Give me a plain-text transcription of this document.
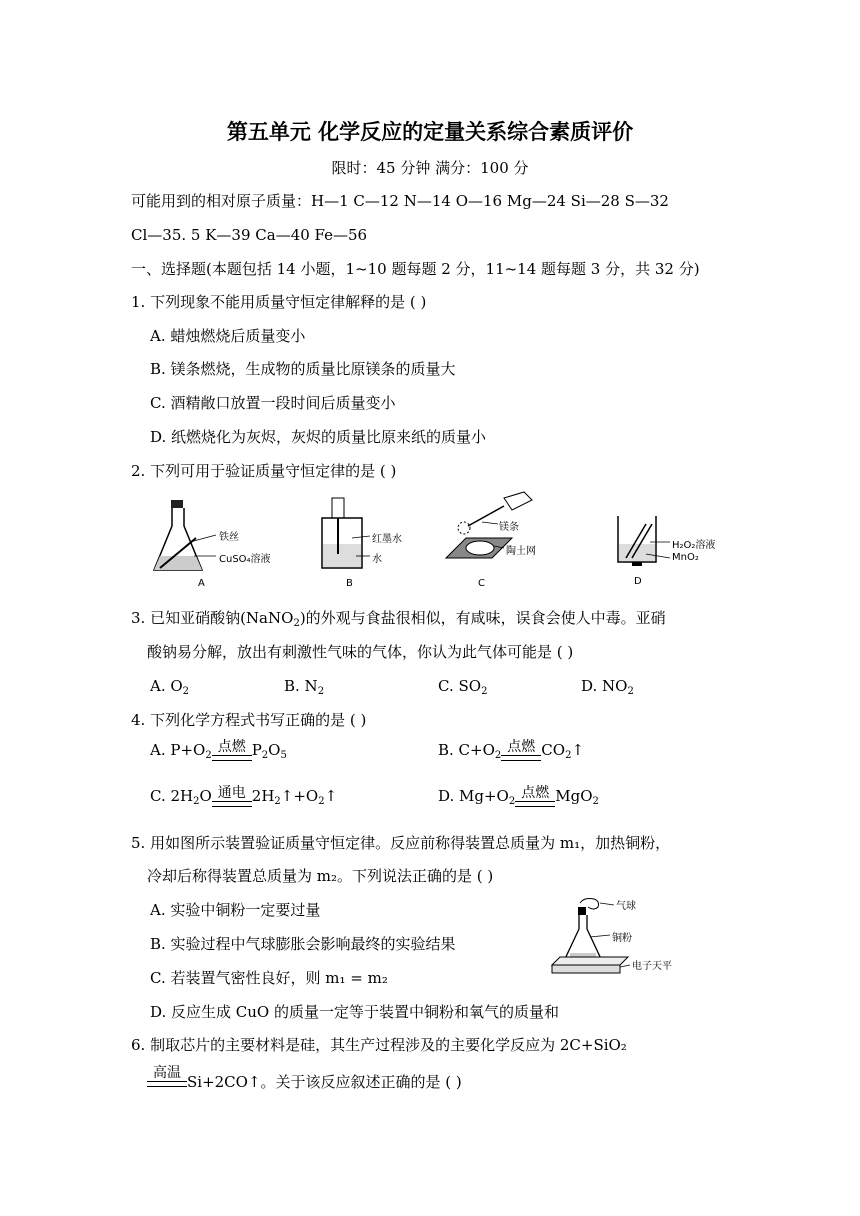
第五单元 化学反应的定量关系综合素质评价
限时：45 分钟 满分：100 分
可能用到的相对原子质量：H—1 C—12 N—14 O—16 Mg—24 Si—28 S—32
Cl—35. 5 K—39 Ca—40 Fe—56
一、选择题(本题包括 14 小题，1~10 题每题 2 分，11~14 题每题 3 分，共 32 分)
1. 下列现象不能用质量守恒定律解释的是 ( )
A. 蜡烛燃烧后质量变小
B. 镁条燃烧，生成物的质量比原镁条的质量大
C. 酒精敞口放置一段时间后质量变小
D. 纸燃烧化为灰烬，灰烬的质量比原来纸的质量小
2. 下列可用于验证质量守恒定律的是 ( )
铁丝
CuSO₄溶液
A
红墨水
水
B
镁条
陶土网
C
H₂O₂溶液
MnO₂
D
3. 已知亚硝酸钠(NaNO$_2$)的外观与食盐很相似，有咸味，误食会使人中毒。亚硝
酸钠易分解，放出有刺激性气味的气体，你认为此气体可能是 ( )
A. $O_2$	B. $N_2$	C. $SO_2$	D. $NO_2$
4. 下列化学方程式书写正确的是 ( )
A. $P+O_2$
点燃 $P_2O_5$	B. $C+O_2$
点燃 $CO_2↑$
C. $2H_2O$ 通电 $2H_2↑+O_2↑$	D. $Mg+O_2$
点燃 MgO$_2$
5. 用如图所示装置验证质量守恒定律。反应前称得装置总质量为 m₁，加热铜粉，
冷却后称得装置总质量为 m₂。下列说法正确的是 ( )
A. 实验中铜粉一定要过量
B. 实验过程中气球膨胀会影响最终的实验结果
C. 若装置气密性良好，则 m₁ = m₂
D. 反应生成 CuO 的质量一定等于装置中铜粉和氧气的质量和
气球
铜粉
电子天平
6. 制取芯片的主要材料是硅，其生产过程涉及的主要化学反应为 2C+SiO₂
高温 Si+2CO↑。关于该反应叙述正确的是 ( )
